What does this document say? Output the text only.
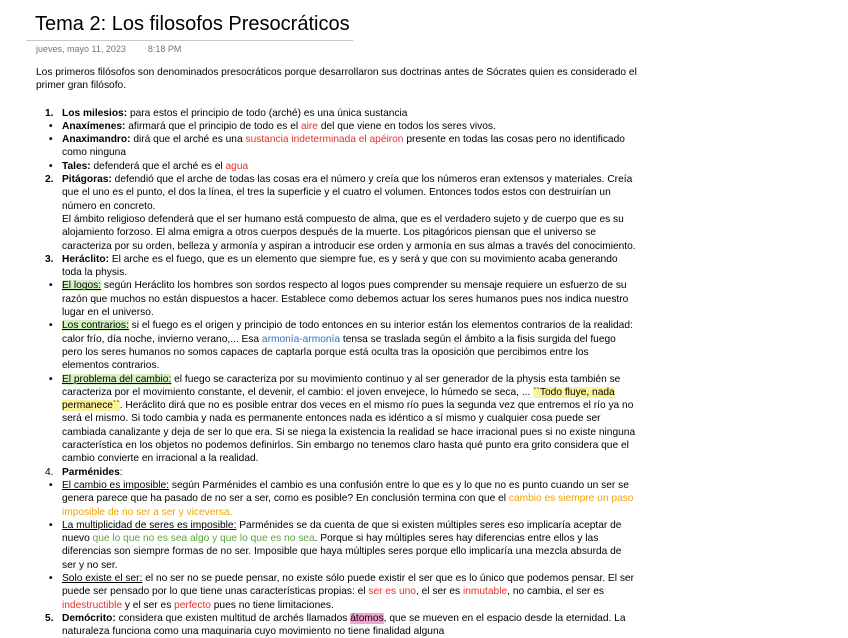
Tema 2: Los filosofos Presocráticos
jueves, mayo 11, 2023 8:18 PM

Los primeros filósofos son denominados presocráticos porque desarrollaron sus doctrinas antes de Sócrates quien es considerado el primer gran filósofo.

1. Los milesios: para estos el principio de todo (arché) es una única sustancia
• Anaxímenes: afirmará que el principio de todo es el aire del que viene en todos los seres vivos.
• Anaximandro: dirá que el arché es una sustancia indeterminada el apéiron presente en todas las cosas pero no identificado como ninguna
• Tales: defenderá que el arché es el agua
2. Pitágoras: defendió que el arche de todas las cosas era el número y creía que los números eran extensos y materiales. Creía que el uno es el punto, el dos la línea, el tres la superficie y el cuatro el volumen. Entonces todos estos con destruirían un número en concreto.
El ámbito religioso defenderá que el ser humano está compuesto de alma, que es el verdadero sujeto y de cuerpo que es su alojamiento forzoso. El alma emigra a otros cuerpos después de la muerte. Los pitagóricos piensan que el universo se caracteriza por su orden, belleza y armonía y aspiran a introducir ese orden y armonía en sus almas a través del conocimiento.
3. Heráclito: El arche es el fuego, que es un elemento que siempre fue, es y será y que con su movimiento acaba generando toda la physis.
• El logos: según Heráclito los hombres son sordos respecto al logos pues comprender su mensaje requiere un esfuerzo de su razón que muchos no están dispuestos a hacer. Establece como debemos actuar los seres humanos pues nos indica nuestro lugar en el universo.
• Los contrarios: si el fuego es el origen y principio de todo entonces en su interior están los elementos contrarios de la realidad: calor frío, día noche, invierno verano,... Esa armonía-armonía tensa se traslada según el ámbito a la fisis surgida del fuego pero los seres humanos no somos capaces de captarla porque está oculta tras la oposición que percibimos entre los elementos contrarios.
• El problema del cambio: el fuego se caracteriza por su movimiento continuo y al ser generador de la physis esta también se caracteriza por el movimiento constante, el devenir, el cambio: el joven envejece, lo húmedo se seca, ... ``Todo fluye, nada permanece``. Heráclito dirá que no es posible entrar dos veces en el mismo río pues la segunda vez que entremos el río ya no será el mismo. Si todo cambia y nada es permanente entonces nada es idéntico a sí mismo y cualquier cosa puede ser cambiada canalizante y deja de ser lo que era. Si se niega la existencia la realidad se hace irracional pues si no existe ninguna característica en los objetos no podemos definirlos. Sin embargo no tenemos claro hasta qué punto era grito considera que el cambio convierte en irracional a la realidad.
4. Parménides:
• El cambio es imposible: según Parménides el cambio es una confusión entre lo que es y lo que no es punto cuando un ser se genera parece que ha pasado de no ser a ser, como es posible? En conclusión termina con que el cambio es siempre un paso imposible de no ser a ser y viceversa.
• La multiplicidad de seres es imposible: Parménides se da cuenta de que si existen múltiples seres eso implicaría aceptar de nuevo que lo que no es sea algo y que lo que es no sea. Porque si hay múltiples seres hay diferencias entre ellos y las diferencias son siempre formas de no ser. Imposible que haya múltiples seres porque ello implicaría una mezcla absurda de ser y no ser.
• Solo existe el ser: el no ser no se puede pensar, no existe sólo puede existir el ser que es lo único que podemos pensar. El ser puede ser pensado por lo que tiene unas características propias: el ser es uno, el ser es inmutable, no cambia, el ser es indestructible y el ser es perfecto pues no tiene limitaciones.
5. Demócrito: considera que existen multitud de archés llamados átomos, que se mueven en el espacio desde la eternidad. La naturaleza funciona como una maquinaria cuyo movimiento no tiene finalidad alguna
